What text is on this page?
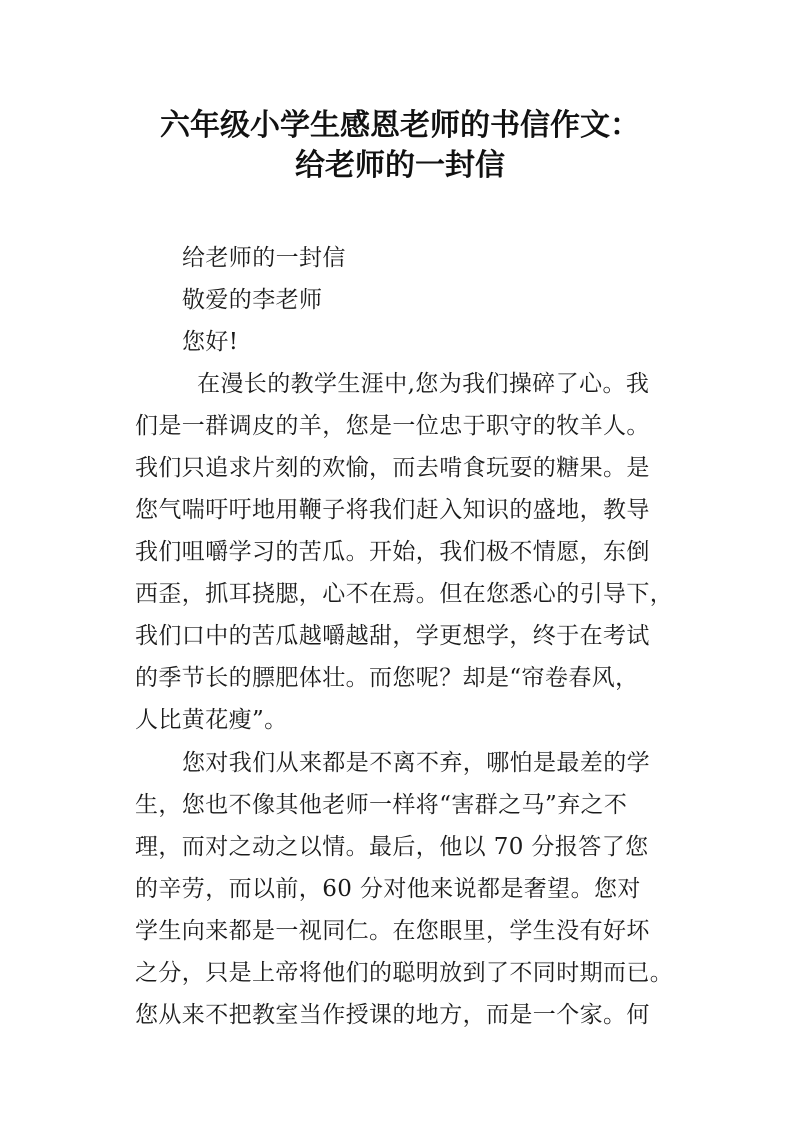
六年级小学生感恩老师的书信作文：
给老师的一封信
给老师的一封信
敬爱的李老师
您好!
在漫长的教学生涯中,您为我们操碎了心。我
们是一群调皮的羊，您是一位忠于职守的牧羊人。
我们只追求片刻的欢愉，而去啃食玩耍的糖果。是
您气喘吁吁地用鞭子将我们赶入知识的盛地，教导
我们咀嚼学习的苦瓜。开始，我们极不情愿，东倒
西歪，抓耳挠腮，心不在焉。但在您悉心的引导下，
我们口中的苦瓜越嚼越甜，学更想学，终于在考试
的季节长的膘肥体壮。而您呢？却是“帘卷春风，
人比黄花瘦”。
您对我们从来都是不离不弃，哪怕是最差的学
生，您也不像其他老师一样将“害群之马”弃之不
理，而对之动之以情。最后，他以 70 分报答了您
的辛劳，而以前，60 分对他来说都是奢望。您对
学生向来都是一视同仁。在您眼里，学生没有好坏
之分，只是上帝将他们的聪明放到了不同时期而已。
您从来不把教室当作授课的地方，而是一个家。何
